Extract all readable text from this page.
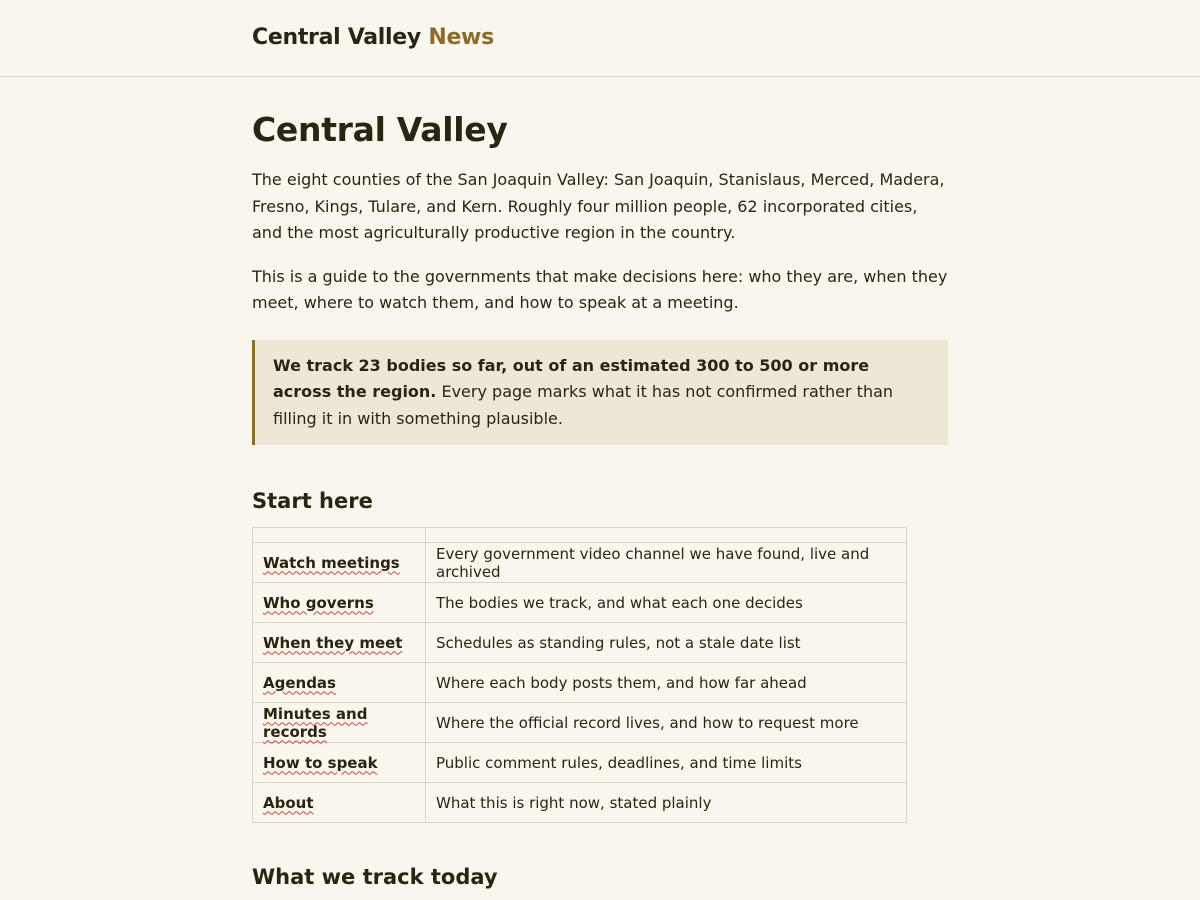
Central Valley News
Central Valley

The eight counties of the San Joaquin Valley: San Joaquin, Stanislaus, Merced, Madera, Fresno, Kings, Tulare, and Kern. Roughly four million people, 62 incorporated cities, and the most agriculturally productive region in the country.

This is a guide to the governments that make decisions here: who they are, when they meet, where to watch them, and how to speak at a meeting.

We track 23 bodies so far, out of an estimated 300 to 500 or more across the region. Every page marks what it has not confirmed rather than filling it in with something plausible.
Start here

Watch meetings	Every government video channel we have found, live and archived
Who governs	The bodies we track, and what each one decides
When they meet	Schedules as standing rules, not a stale date list
Agendas	Where each body posts them, and how far ahead
Minutes and records	Where the official record lives, and how to request more
How to speak	Public comment rules, deadlines, and time limits
About	What this is right now, stated plainly
What we track today
